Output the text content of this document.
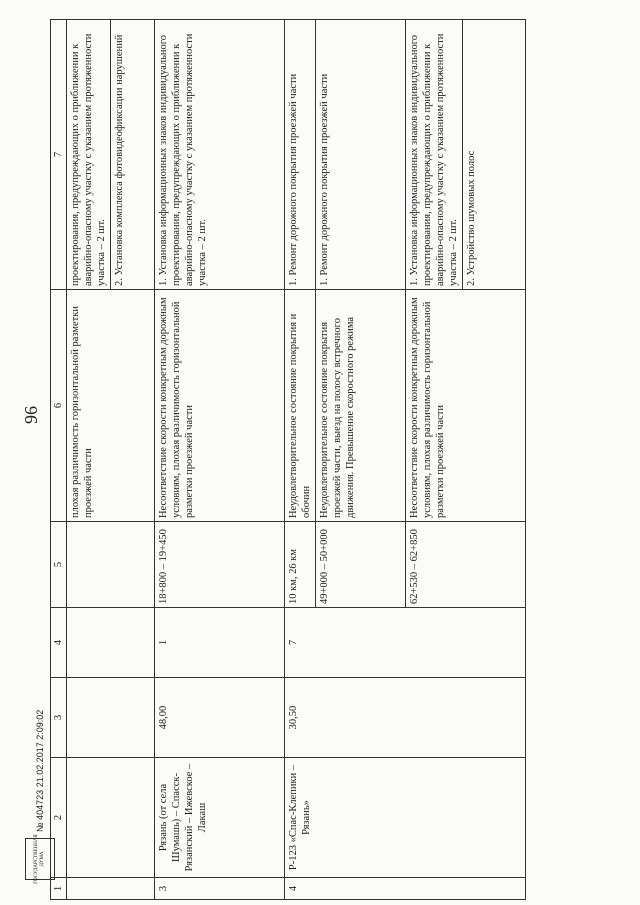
96
ГОСУДАРСТВЕННАЯ ДУМА
№ 404723 21.02.2017 2:09:02
1	2	3	4	5	6	7
					плохая различимость горизонтальной разметки проезжей части	проектирования, предупреждающих о приближении к аварийно-опасному участку с указанием протяженности участка – 2 шт. 2. Установка комплекса фотовидеофиксации нарушений

3	Рязань (от села Шумашь) – Спасск-Рязанский – Ижевское – Лакаш	48,00	1	18+800 – 19+450	Несоответствие скорости конкретным дорожным условиям, плохая различимость горизонтальной разметки проезжей части	1. Установка информационных знаков индивидуального проектирования, предупреждающих о приближении к аварийно-опасному участку с указанием протяженности участка – 2 шт.
4	Р-123 «Спас-Клепики – Рязань»	30,50	7	10 км, 26 км	Неудовлетворительное состояние покрытия и обочин	1. Ремонт дорожного покрытия проезжей части
				49+000 – 50+000	Неудовлетворительное состояние покрытия проезжей части, выезд на полосу встречного движения. Превышение скоростного режима	1. Ремонт дорожного покрытия проезжей части
				62+530 – 62+850	Несоответствие скорости конкретным дорожным условиям, плохая различимость горизонтальной разметки проезжей части	1. Установка информационных знаков индивидуального проектирования, предупреждающих о приближении к аварийно-опасному участку с указанием протяженности участка – 2 шт. 2. Устройство шумовых полос
